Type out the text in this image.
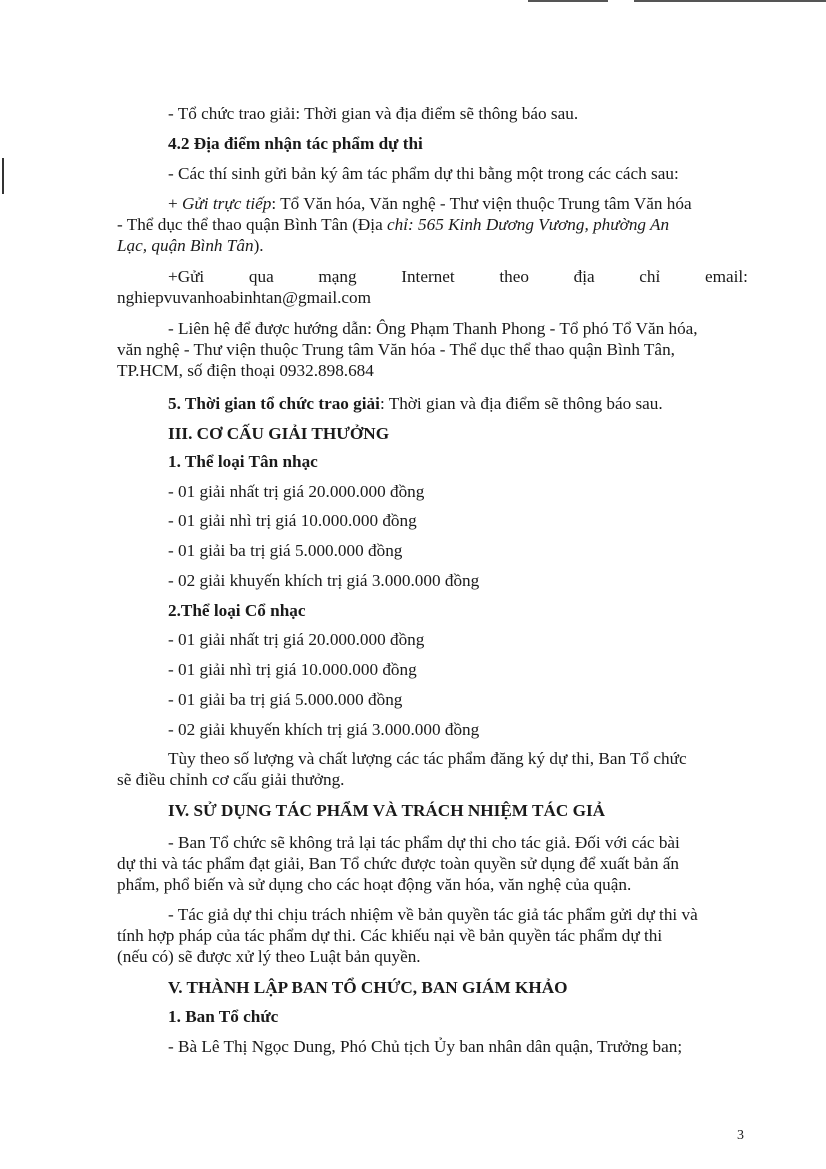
- Tổ chức trao giải: Thời gian và địa điểm sẽ thông báo sau.
4.2 Địa điểm nhận tác phẩm dự thi
- Các thí sinh gửi bản ký âm tác phẩm dự thi bằng một trong các cách sau:
+ Gửi trực tiếp: Tổ Văn hóa, Văn nghệ - Thư viện thuộc Trung tâm Văn hóa
- Thể dục thể thao quận Bình Tân (Địa chỉ: 565 Kinh Dương Vương, phường An
Lạc, quận Bình Tân).
+Gửi	qua	mạng	Internet	theo	địa	chỉ	email:
nghiepvuvanhoabinhtan@gmail.com
- Liên hệ để được hướng dẫn: Ông Phạm Thanh Phong - Tổ phó Tổ Văn hóa,
văn nghệ - Thư viện thuộc Trung tâm Văn hóa - Thể dục thể thao quận Bình Tân,
TP.HCM, số điện thoại 0932.898.684
5. Thời gian tổ chức trao giải: Thời gian và địa điểm sẽ thông báo sau.
III. CƠ CẤU GIẢI THƯỞNG
1. Thể loại Tân nhạc
- 01 giải nhất trị giá 20.000.000 đồng
- 01 giải nhì trị giá 10.000.000 đồng
- 01 giải ba trị giá 5.000.000 đồng
- 02 giải khuyến khích trị giá 3.000.000 đồng
2.Thể loại Cổ nhạc
- 01 giải nhất trị giá 20.000.000 đồng
- 01 giải nhì trị giá 10.000.000 đồng
- 01 giải ba trị giá 5.000.000 đồng
- 02 giải khuyến khích trị giá 3.000.000 đồng
Tùy theo số lượng và chất lượng các tác phẩm đăng ký dự thi, Ban Tổ chức
sẽ điều chỉnh cơ cấu giải thưởng.
IV. SỬ DỤNG TÁC PHẨM VÀ TRÁCH NHIỆM TÁC GIẢ
- Ban Tổ chức sẽ không trả lại tác phẩm dự thi cho tác giả. Đối với các bài
dự thi và tác phẩm đạt giải, Ban Tổ chức được toàn quyền sử dụng để xuất bản ấn
phẩm, phổ biến và sử dụng cho các hoạt động văn hóa, văn nghệ của quận.
- Tác giả dự thi chịu trách nhiệm về bản quyền tác giả tác phẩm gửi dự thi và
tính hợp pháp của tác phẩm dự thi. Các khiếu nại về bản quyền tác phẩm dự thi
(nếu có) sẽ được xử lý theo Luật bản quyền.
V. THÀNH LẬP BAN TỔ CHỨC, BAN GIÁM KHẢO
1. Ban Tổ chức
- Bà Lê Thị Ngọc Dung, Phó Chủ tịch Ủy ban nhân dân quận, Trưởng ban;
3
